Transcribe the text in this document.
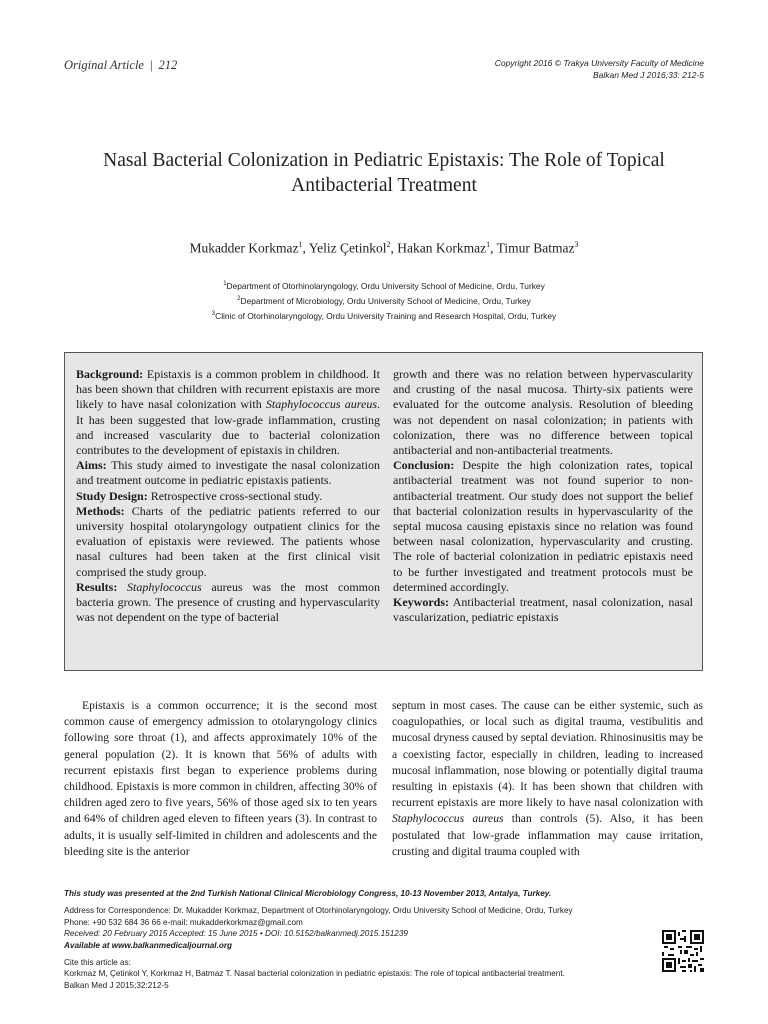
Original Article | 212	Copyright 2016 © Trakya University Faculty of Medicine
Balkan Med J 2016;33: 212-5
Nasal Bacterial Colonization in Pediatric Epistaxis: The Role of Topical Antibacterial Treatment
Mukadder Korkmaz$^1$, Yeliz Çetinkol$^2$, Hakan Korkmaz$^1$, Timur Batmaz$^3$
$^1$Department of Otorhinolaryngology, Ordu University School of Medicine, Ordu, Turkey
$^2$Department of Microbiology, Ordu University School of Medicine, Ordu, Turkey
$^3$Clinic of Otorhinolaryngology, Ordu University Training and Research Hospital, Ordu, Turkey

Background: Epistaxis is a common problem in childhood. It has been shown that children with recurrent epistaxis are more likely to have nasal colonization with Staphylococcus aureus. It has been suggested that low-grade inflammation, crusting and increased vascularity due to bacterial colonization contributes to the development of epistaxis in children.

Aims: This study aimed to investigate the nasal colonization and treatment outcome in pediatric epistaxis patients.

Study Design: Retrospective cross-sectional study.

Methods: Charts of the pediatric patients referred to our university hospital otolaryngology outpatient clinics for the evaluation of epistaxis were reviewed. The patients whose nasal cultures had been taken at the first clinical visit comprised the study group.

Results: Staphylococcus aureus was the most common bacteria grown. The presence of crusting and hypervascularity was not dependent on the type of bacterial

growth and there was no relation between hypervascularity and crusting of the nasal mucosa. Thirty-six patients were evaluated for the outcome analysis. Resolution of bleeding was not dependent on nasal colonization; in patients with colonization, there was no difference between topical antibacterial and non-antibacterial treatments.

Conclusion: Despite the high colonization rates, topical antibacterial treatment was not found superior to non-antibacterial treatment. Our study does not support the belief that bacterial colonization results in hypervascularity of the septal mucosa causing epistaxis since no relation was found between nasal colonization, hypervascularity and crusting. The role of bacterial colonization in pediatric epistaxis need to be further investigated and treatment protocols must be determined accordingly.

Keywords: Antibacterial treatment, nasal colonization, nasal vascularization, pediatric epistaxis

Epistaxis is a common occurrence; it is the second most common cause of emergency admission to otolaryngology clinics following sore throat (1), and affects approximately 10% of the general population (2). It is known that 56% of adults with recurrent epistaxis first began to experience problems during childhood. Epistaxis is more common in children, affecting 30% of children aged zero to five years, 56% of those aged six to ten years and 64% of children aged eleven to fifteen years (3). In contrast to adults, it is usually self-limited in children and adolescents and the bleeding site is the anterior
septum in most cases. The cause can be either systemic, such as coagulopathies, or local such as digital trauma, vestibulitis and mucosal dryness caused by septal deviation. Rhinosinusitis may be a coexisting factor, especially in children, leading to increased mucosal inflammation, nose blowing or potentially digital trauma resulting in epistaxis (4). It has been shown that children with recurrent epistaxis are more likely to have nasal colonization with Staphylococcus aureus than controls (5). Also, it has been postulated that low-grade inflammation may cause irritation, crusting and digital trauma coupled with
This study was presented at the 2nd Turkish National Clinical Microbiology Congress, 10-13 November 2013, Antalya, Turkey.
Address for Correspondence: Dr. Mukadder Korkmaz, Department of Otorhinolaryngology, Ordu University School of Medicine, Ordu, Turkey
Phone: +90 532 684 36 66 e-mail: mukadderkorkmaz@gmail.com
Received: 20 February 2015 Accepted: 15 June 2015 • DOI: 10.5152/balkanmedj.2015.151239
Available at www.balkanmedicaljournal.org
Cite this article as:
Korkmaz M, Çetinkol Y, Korkmaz H, Batmaz T. Nasal bacterial colonization in pediatric epistaxis: The role of topical antibacterial treatment.
Balkan Med J 2015;32:212-5
